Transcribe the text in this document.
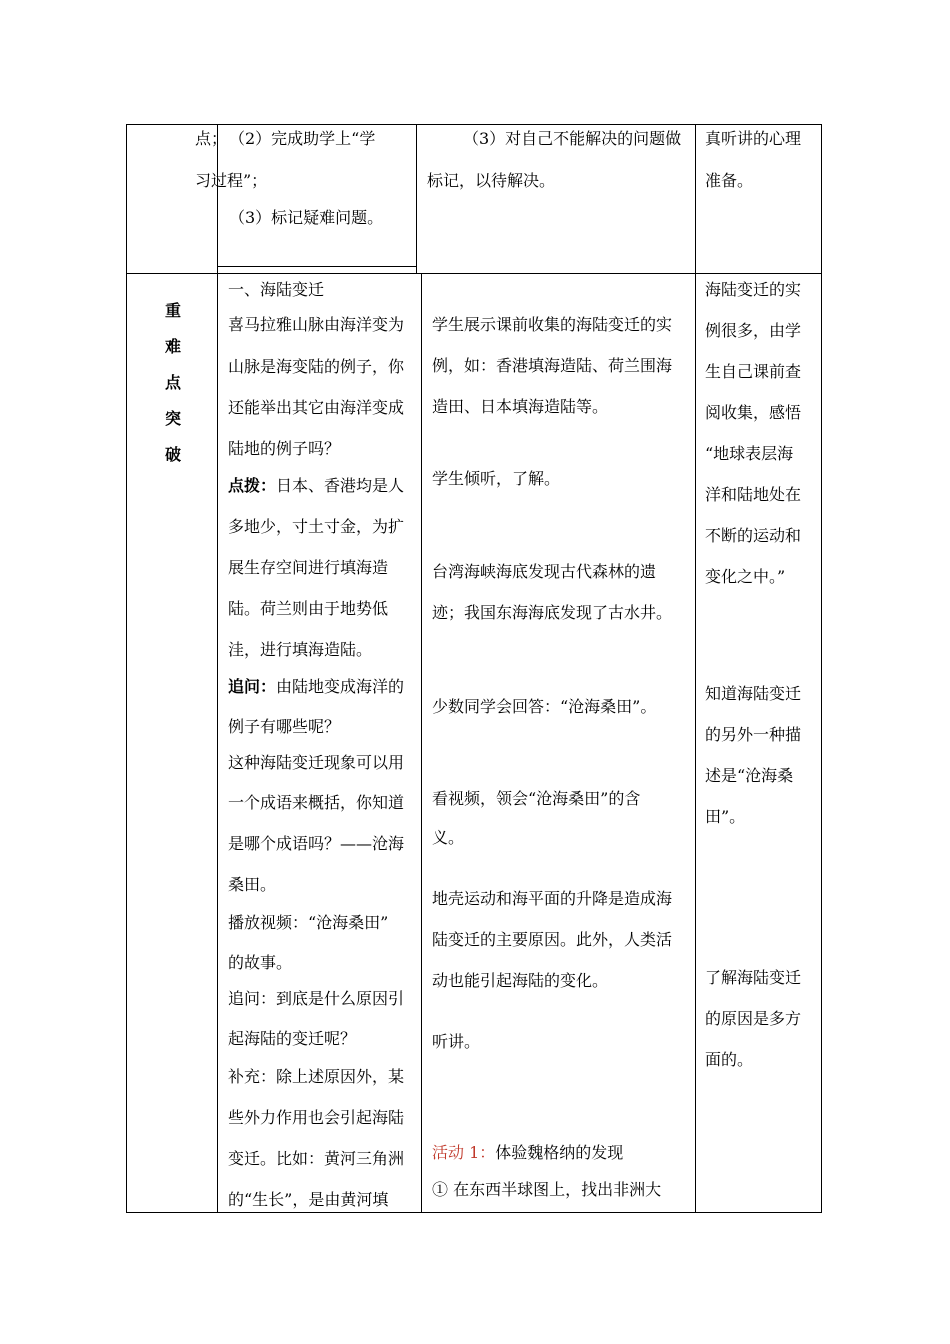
点； （2）完成助学上“学
习过程”；
（3）标记疑难问题。
（3）对自己不能解决的问题做
标记，以待解决。
真听讲的心理
准备。
重
难
点
突
破
一、海陆变迁
喜马拉雅山脉由海洋变为
山脉是海变陆的例子，你
还能举出其它由海洋变成
陆地的例子吗？
点拨：日本、香港均是人
多地少，寸土寸金，为扩
展生存空间进行填海造
陆。荷兰则由于地势低
洼，进行填海造陆。
追问：由陆地变成海洋的
例子有哪些呢？
这种海陆变迁现象可以用
一个成语来概括，你知道
是哪个成语吗？——沧海
桑田。
播放视频：“沧海桑田”
的故事。
追问：到底是什么原因引
起海陆的变迁呢？
补充：除上述原因外，某
些外力作用也会引起海陆
变迁。比如：黄河三角洲
的“生长”，是由黄河填
学生展示课前收集的海陆变迁的实
例，如：香港填海造陆、荷兰围海
造田、日本填海造陆等。
学生倾听，了解。
台湾海峡海底发现古代森林的遗
迹；我国东海海底发现了古水井。
少数同学会回答：“沧海桑田”。
看视频，领会“沧海桑田”的含
义。
地壳运动和海平面的升降是造成海
陆变迁的主要原因。此外，人类活
动也能引起海陆的变化。
听讲。
活动 1：体验魏格纳的发现
① 在东西半球图上，找出非洲大
海陆变迁的实
例很多，由学
生自己课前查
阅收集，感悟
“地球表层海
洋和陆地处在
不断的运动和
变化之中。”
知道海陆变迁
的另外一种描
述是“沧海桑
田”。
了解海陆变迁
的原因是多方
面的。
